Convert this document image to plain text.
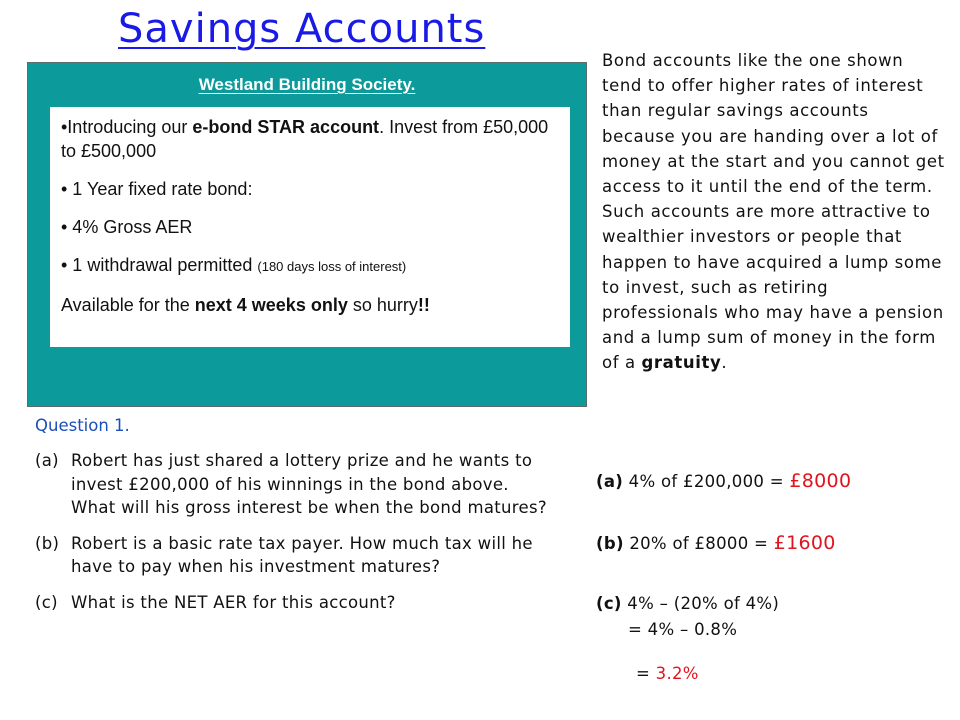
Savings Accounts
Westland Building Society.

•Introducing our e-bond STAR account. Invest from £50,000 to £500,000

• 1 Year fixed rate bond:

• 4% Gross AER

• 1 withdrawal permitted (180 days loss of interest)

Available for the next 4 weeks only so hurry!!

Bond accounts like the one shown tend to offer higher rates of interest than regular savings accounts because you are handing over a lot of money at the start and you cannot get access to it until the end of the term. Such accounts are more attractive to wealthier investors or people that happen to have acquired a lump some to invest, such as retiring professionals who may have a pension and a lump sum of money in the form of a gratuity.
Question 1.
(a) Robert has just shared a lottery prize and he wants to invest £200,000 of his winnings in the bond above. What will his gross interest be when the bond matures?
(b) Robert is a basic rate tax payer. How much tax will he have to pay when his investment matures?
(c) What is the NET AER for this account?
(a) 4% of £200,000 = £8000
(b) 20% of £8000 = £1600
(c) 4% – (20% of 4%)
= 4% – 0.8%
= 3.2%
